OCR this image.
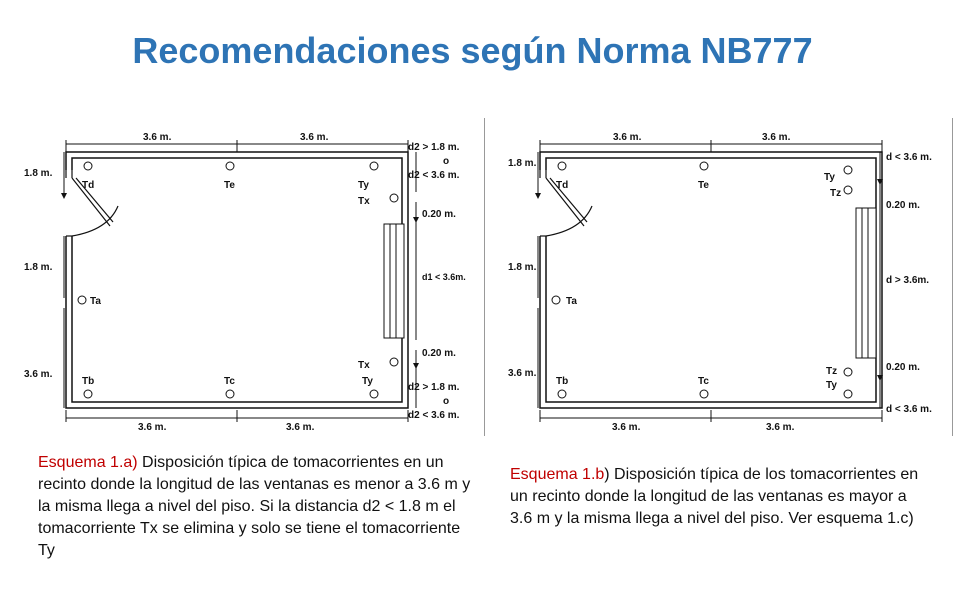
Recomendaciones según Norma NB777
3.6 m.	3.6 m.
3.6 m.	3.6 m.
1.8 m.
1.8 m.
3.6 m.
d2 > 1.8 m.
o
d2 < 3.6 m.
0.20 m.
d1 < 3.6m.
0.20 m.
d2 > 1.8 m.
o
d2 < 3.6 m.
Td	Te	Ty
Tx
Ta
Tb	Tc	Ty
Tx
3.6 m.	3.6 m.
3.6 m.	3.6 m.
1.8 m.
1.8 m.
3.6 m.
d < 3.6 m.
0.20 m.
d > 3.6m.
0.20 m.
d < 3.6 m.
Td	Te
Ty
Tz
Ta
Tb	Tc	Ty
Tz
Esquema 1.a) Disposición típica de tomacorrientes en un recinto donde la longitud de las ventanas es menor a 3.6 m y la misma llega a nivel del piso. Si la distancia d2 < 1.8 m el tomacorriente Tx se elimina y solo se tiene el tomacorriente Ty
Esquema 1.b) Disposición típica de los tomacorrientes en un recinto donde la longitud de las ventanas es mayor a 3.6 m y la misma llega a nivel del piso. Ver esquema 1.c)
